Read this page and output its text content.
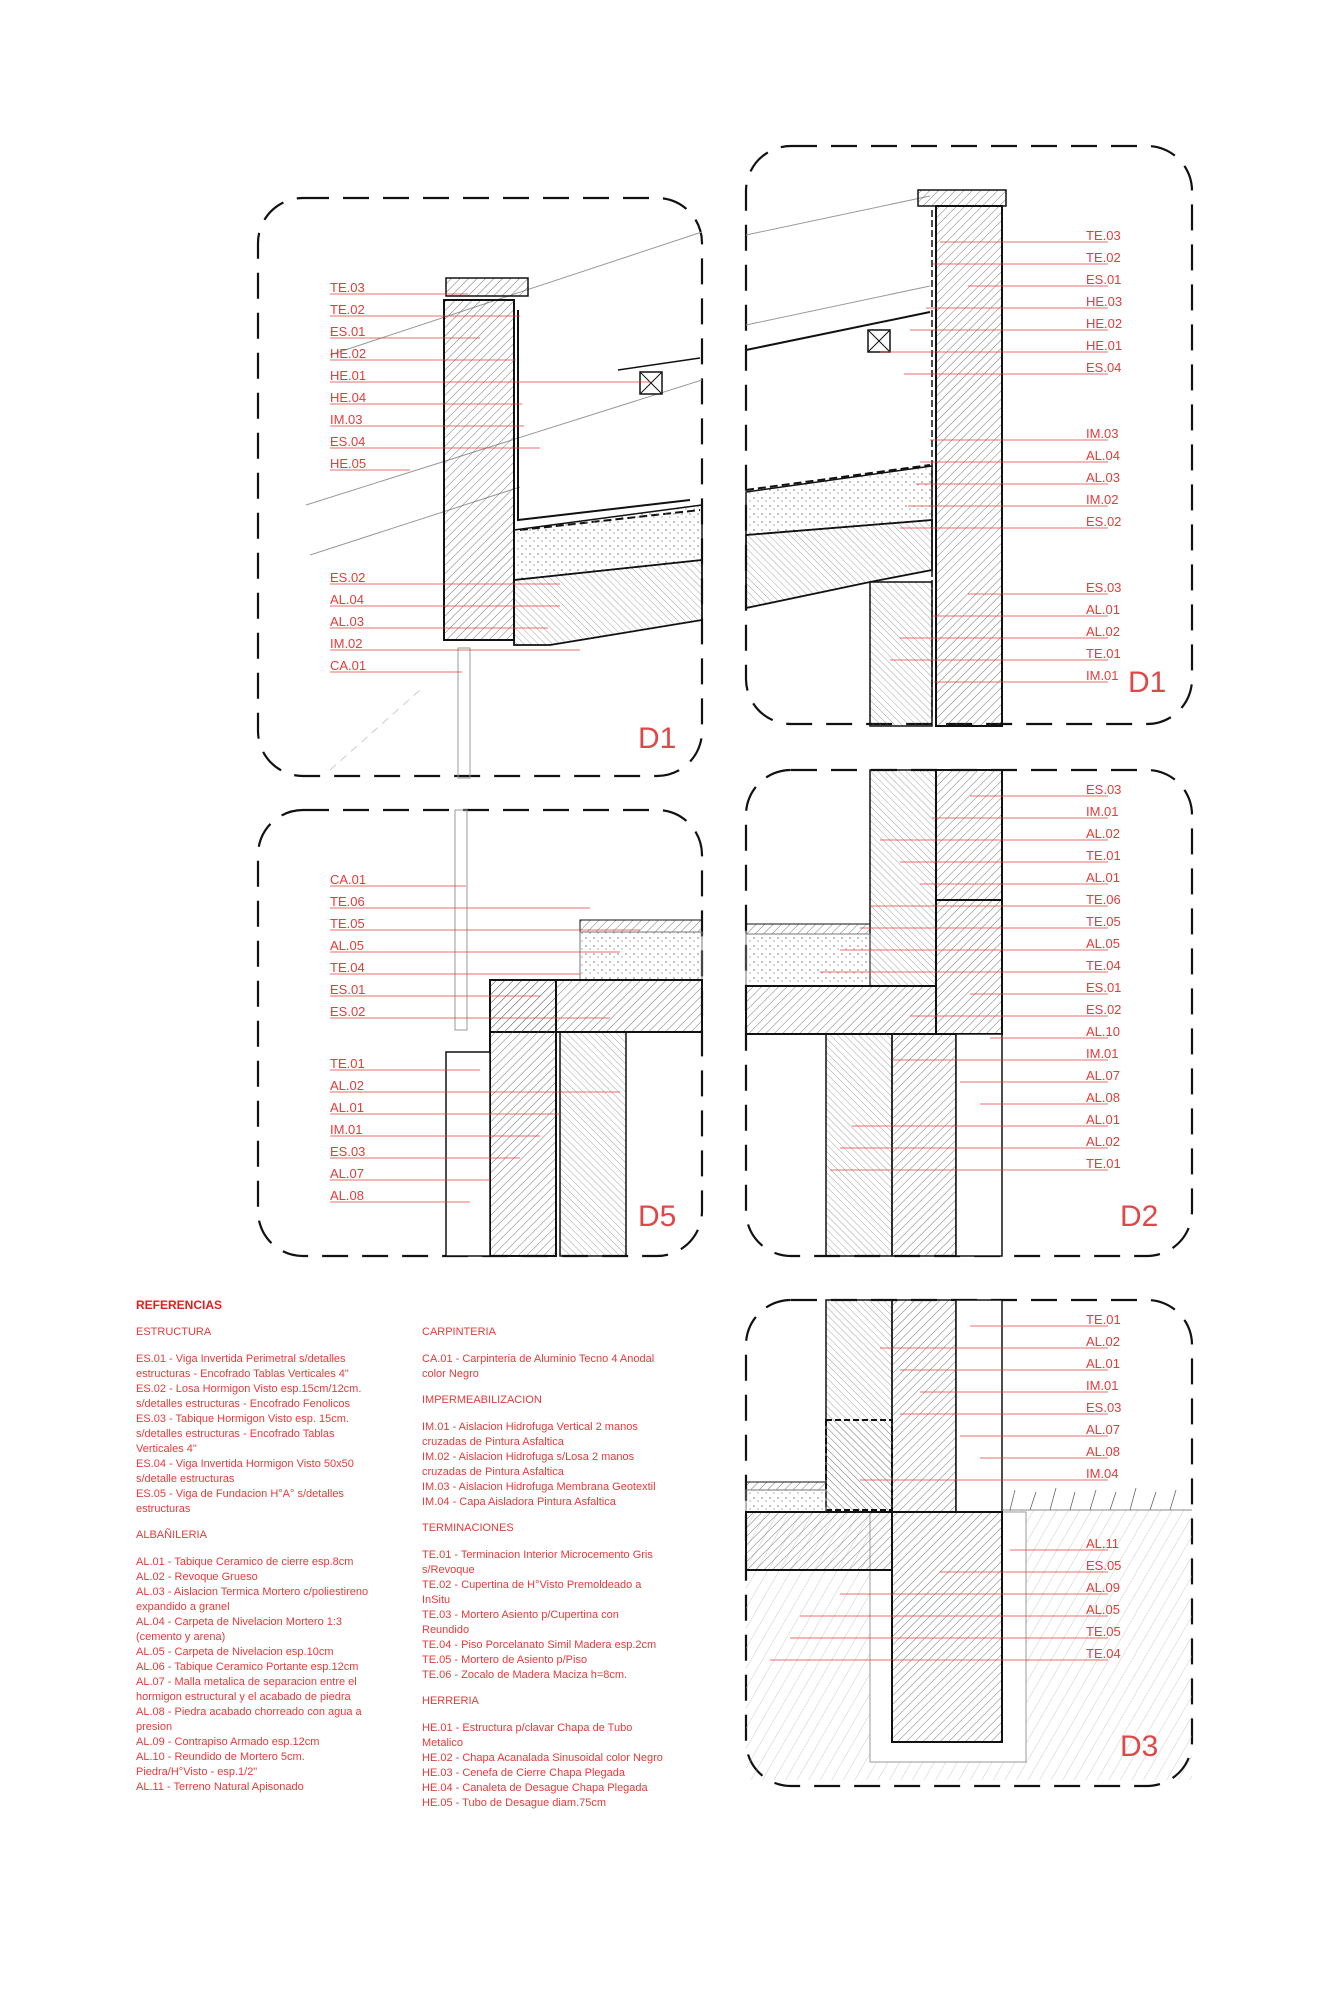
TE.03
TE.02
ES.01
HE.02
HE.01
HE.04
IM.03
ES.04
HE.05
ES.02
AL.04
AL.03
IM.02
CA.01
D1
TE.03
TE.02
ES.01
HE.03
HE.02
HE.01
ES.04
IM.03
AL.04
AL.03
IM.02
ES.02
ES.03
AL.01
AL.02
TE.01
IM.01 D1
CA.01
TE.06
TE.05
AL.05
TE.04
ES.01
ES.02
TE.01
AL.02
AL.01
IM.01
ES.03
AL.07
AL.08
D5
ES.03
IM.01
AL.02
TE.01
AL.01
TE.06
TE.05
AL.05
TE.04
ES.01
ES.02
AL.10
IM.01
AL.07
AL.08
AL.01
AL.02
TE.01
D2
TE.01
AL.02
AL.01
IM.01
ES.03
AL.07
AL.08
IM.04
AL.11
ES.05
AL.09
AL.05
TE.05
TE.04
D3
REFERENCIAS
ESTRUCTURA
ES.01 - Viga Invertida Perimetral s/detalles
estructuras - Encofrado Tablas Verticales 4"
ES.02 - Losa Hormigon Visto esp.15cm/12cm.
s/detalles estructuras - Encofrado Fenolicos
ES.03 - Tabique Hormigon Visto esp. 15cm.
s/detalles estructuras - Encofrado Tablas
Verticales 4"
ES.04 - Viga Invertida Hormigon Visto 50x50
s/detalle estructuras
ES.05 - Viga de Fundacion H°A° s/detalles
estructuras
ALBAÑILERIA
AL.01 - Tabique Ceramico de cierre esp.8cm
AL.02 - Revoque Grueso
AL.03 - Aislacion Termica Mortero c/poliestireno
expandido a granel
AL.04 - Carpeta de Nivelacion Mortero 1:3
(cemento y arena)
AL.05 - Carpeta de Nivelacion esp.10cm
AL.06 - Tabique Ceramico Portante esp.12cm
AL.07 - Malla metalica de separacion entre el
hormigon estructural y el acabado de piedra
AL.08 - Piedra acabado chorreado con agua a
presion
AL.09 - Contrapiso Armado esp.12cm
AL.10 - Reundido de Mortero 5cm.
Piedra/H°Visto - esp.1/2"
AL.11 - Terreno Natural Apisonado
CARPINTERIA
CA.01 - Carpinteria de Aluminio Tecno 4 Anodal
color Negro
IMPERMEABILIZACION
IM.01 - Aislacion Hidrofuga Vertical 2 manos
cruzadas de Pintura Asfaltica
IM.02 - Aislacion Hidrofuga s/Losa 2 manos
cruzadas de Pintura Asfaltica
IM.03 - Aislacion Hidrofuga Membrana Geotextil
IM.04 - Capa Aisladora Pintura Asfaltica
TERMINACIONES
TE.01 - Terminacion Interior Microcemento Gris
s/Revoque
TE.02 - Cupertina de H°Visto Premoldeado a
InSitu
TE.03 - Mortero Asiento p/Cupertina con
Reundido
TE.04 - Piso Porcelanato Simil Madera esp.2cm
TE.05 - Mortero de Asiento p/Piso
TE.06 - Zocalo de Madera Maciza h=8cm.
HERRERIA
HE.01 - Estructura p/clavar Chapa de Tubo
Metalico
HE.02 - Chapa Acanalada Sinusoidal color Negro
HE.03 - Cenefa de Cierre Chapa Plegada
HE.04 - Canaleta de Desague Chapa Plegada
HE.05 - Tubo de Desague diam.75cm
